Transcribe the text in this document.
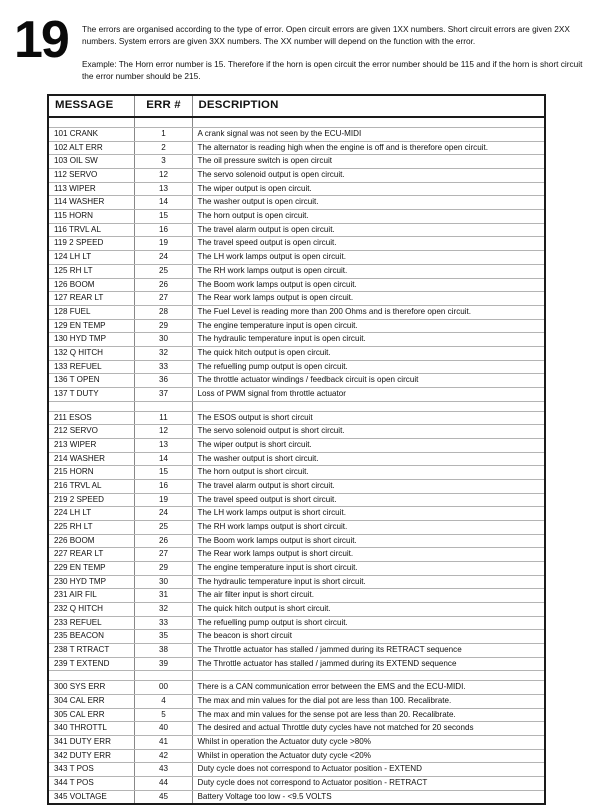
19	The errors are organised according to the type of error. Open circuit errors are given 1XX numbers. Short circuit errors are given 2XX numbers. System errors are given 3XX numbers. The XX number will depend on the function with the error.

Example: The Horn error number is 15. Therefore if the horn is open circuit the error number should be 115 and if the horn is short circuit the error number should be 215.

MESSAGE	ERR #	DESCRIPTION

101 CRANK	1	A crank signal was not seen by the ECU-MIDI
102 ALT ERR	2	The alternator is reading high when the engine is off and is therefore open circuit.
103 OIL SW	3	The oil pressure switch is open circuit
112 SERVO	12	The servo solenoid output is open circuit.
113 WIPER	13	The wiper output is open circuit.
114 WASHER	14	The washer output is open circuit.
115 HORN	15	The horn output is open circuit.
116 TRVL AL	16	The travel alarm output is open circuit.
119 2 SPEED	19	The travel speed output is open circuit.
124 LH LT	24	The LH work lamps output is open circuit.
125 RH LT	25	The RH work lamps output is open circuit.
126 BOOM	26	The Boom work lamps output is open circuit.
127 REAR LT	27	The Rear work lamps output is open circuit.
128 FUEL	28	The Fuel Level is reading more than 200 Ohms and is therefore open circuit.
129 EN TEMP	29	The engine temperature input is open circuit.
130 HYD TMP	30	The hydraulic temperature input is open circuit.
132 Q HITCH	32	The quick hitch output is open circuit.
133 REFUEL	33	The refuelling pump output is open circuit.
136 T OPEN	36	The throttle actuator windings / feedback circuit is open circuit
137 T DUTY	37	Loss of PWM signal from throttle actuator

211 ESOS	11	The ESOS output is short circuit
212 SERVO	12	The servo solenoid output is short circuit.
213 WIPER	13	The wiper output is short circuit.
214 WASHER	14	The washer output is short circuit.
215 HORN	15	The horn output is short circuit.
216 TRVL AL	16	The travel alarm output is short circuit.
219 2 SPEED	19	The travel speed output is short circuit.
224 LH LT	24	The LH work lamps output is short circuit.
225 RH LT	25	The RH work lamps output is short circuit.
226 BOOM	26	The Boom work lamps output is short circuit.
227 REAR LT	27	The Rear work lamps output is short circuit.
229 EN TEMP	29	The engine temperature input is short circuit.
230 HYD TMP	30	The hydraulic temperature input is short circuit.
231 AIR FIL	31	The air filter input is short circuit.
232 Q HITCH	32	The quick hitch output is short circuit.
233 REFUEL	33	The refuelling pump output is short circuit.
235 BEACON	35	The beacon is short circuit
238 T RTRACT	38	The Throttle actuator has stalled / jammed during its RETRACT sequence
239 T EXTEND	39	The Throttle actuator has stalled / jammed during its EXTEND sequence

300 SYS ERR	00	There is a CAN communication error between the EMS and the ECU-MIDI.
304 CAL ERR	4	The max and min values for the dial pot are less than 100. Recalibrate.
305 CAL ERR	5	The max and min values for the sense pot are less than 20. Recalibrate.
340 THROTTL	40	The desired and actual Throttle duty cycles have not matched for 20 seconds
341 DUTY ERR	41	Whilst in operation the Actuator duty cycle >80%
342 DUTY ERR	42	Whilst in operation the Actuator duty cycle <20%
343 T POS	43	Duty cycle does not correspond to Actuator position - EXTEND
344 T POS	44	Duty cycle does not correspond to Actuator position - RETRACT
345 VOLTAGE	45	Battery Voltage too low - <9.5 VOLTS
